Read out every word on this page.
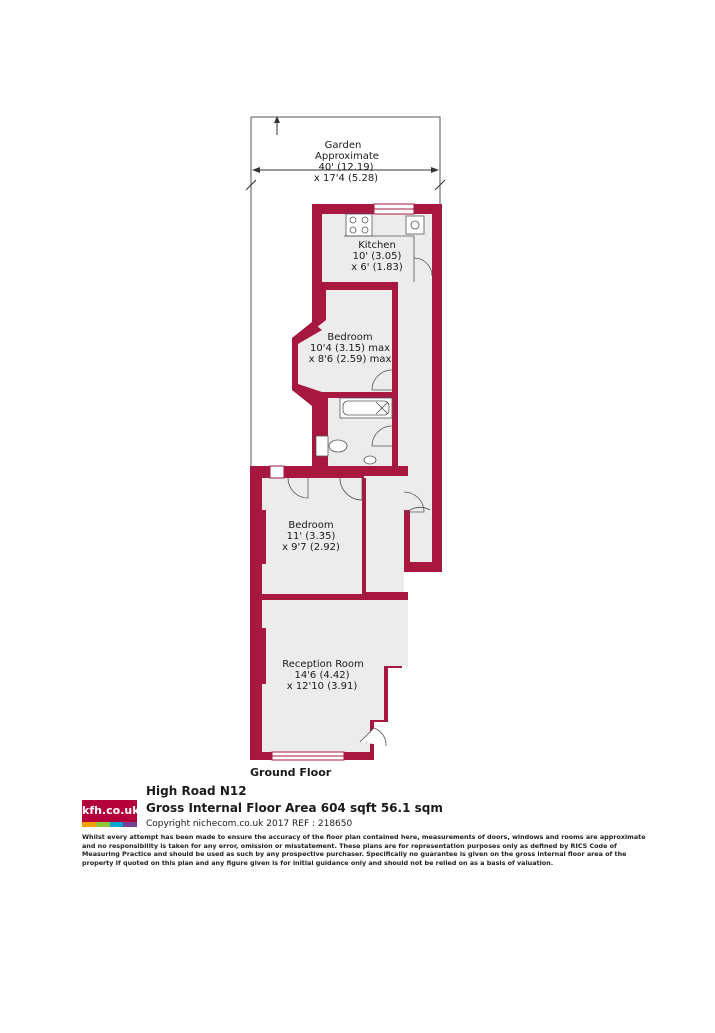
Garden
Approximate
40' (12.19)
x 17'4 (5.28)
Kitchen
10' (3.05)
x 6' (1.83)
Bedroom
10'4 (3.15) max
x 8'6 (2.59) max
Bedroom
11' (3.35)
x 9'7 (2.92)
Reception Room
14'6 (4.42)
x 12'10 (3.91)
Ground Floor
kfh.co.uk
High Road N12
Gross Internal Floor Area 604 sqft 56.1 sqm
Copyright nichecom.co.uk 2017 REF : 218650
Whilst every attempt has been made to ensure the accuracy of the floor plan contained here, measurements of doors, windows and rooms are approximate and no responsibility is taken for any error, omission or misstatement. These plans are for representation purposes only as defined by RICS Code of Measuring Practice and should be used as such by any prospective purchaser. Specifically no guarantee is given on the gross internal floor area of the property If quoted on this plan and any figure given is for initial guidance only and should not be relied on as a basis of valuation.
